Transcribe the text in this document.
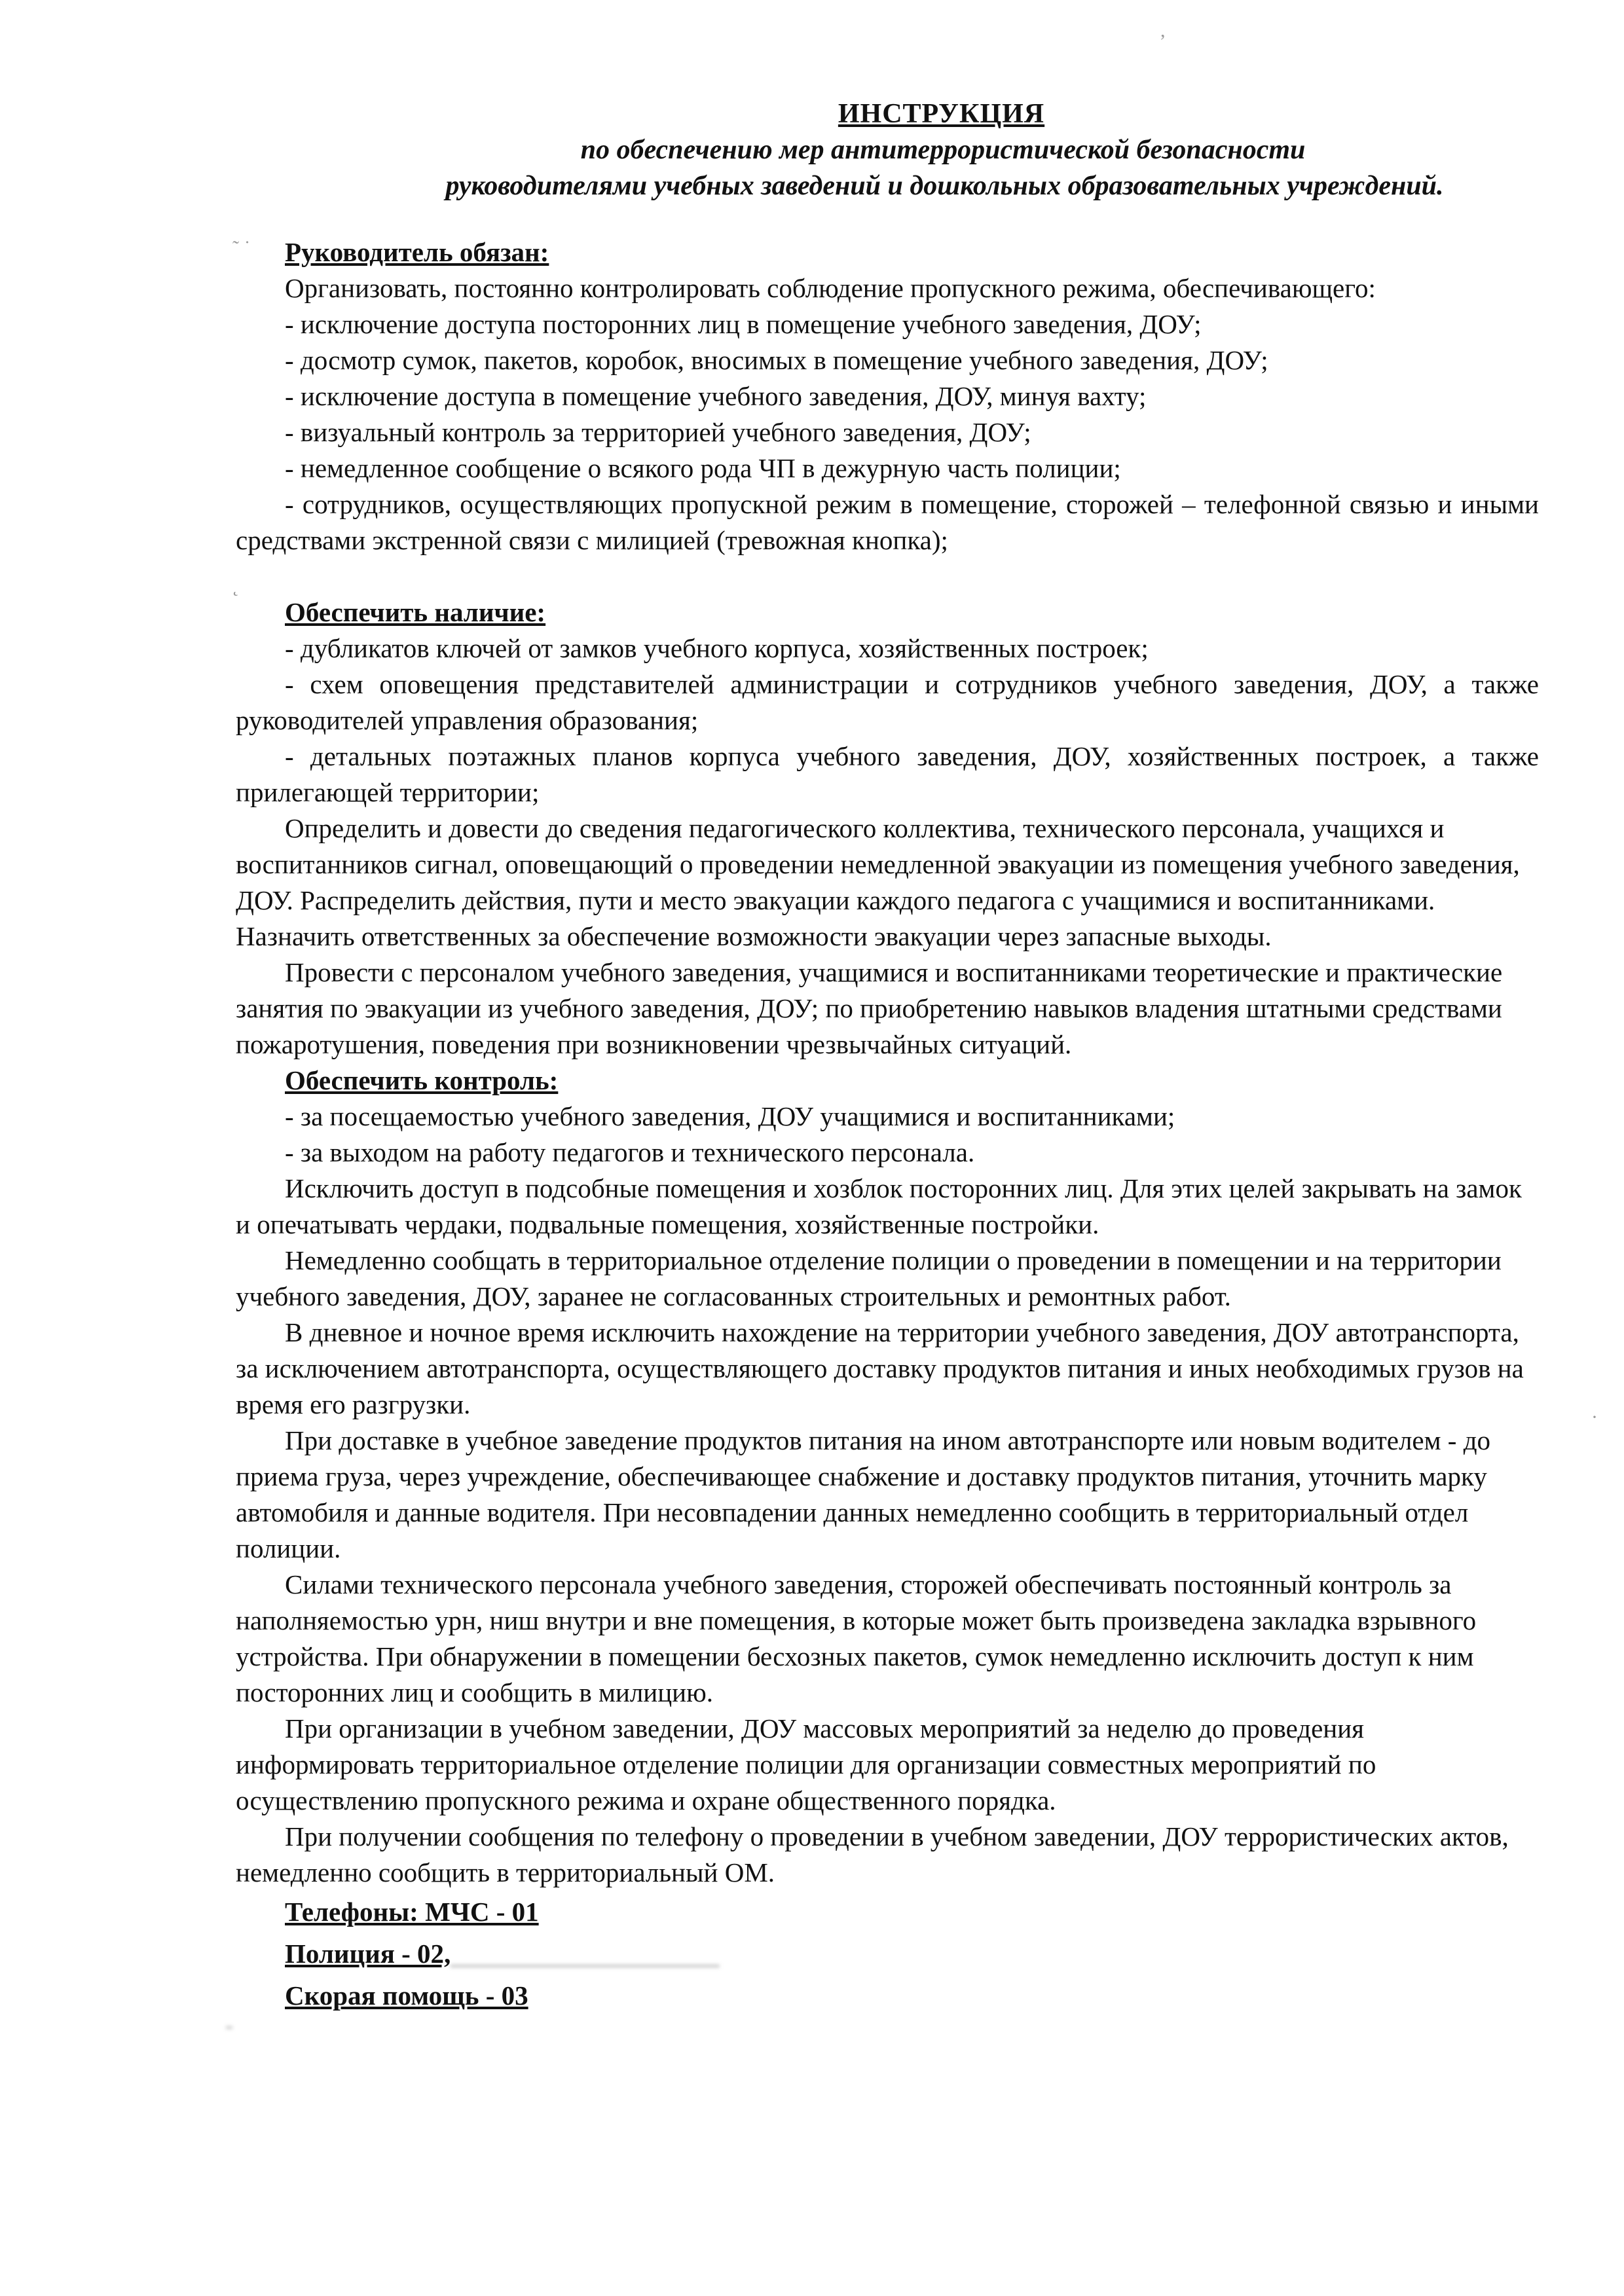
ИНСТРУКЦИЯ
по обеспечению мер антитеррористической безопасности
руководителями учебных заведений и дошкольных образовательных учреждений.

Руководитель обязан:

Организовать, постоянно контролировать соблюдение пропускного режима, обеспечивающего:

- исключение доступа посторонних лиц в помещение учебного заведения, ДОУ;

- досмотр сумок, пакетов, коробок, вносимых в помещение учебного заведения, ДОУ;

- исключение доступа в помещение учебного заведения, ДОУ, минуя вахту;

- визуальный контроль за территорией учебного заведения, ДОУ;

- немедленное сообщение о всякого рода ЧП в дежурную часть полиции;

- сотрудников, осуществляющих пропускной режим в помещение, сторожей – телефонной связью и иными средствами экстренной связи с милицией (тревожная кнопка);

Обеспечить наличие:

- дубликатов ключей от замков учебного корпуса, хозяйственных построек;

- схем оповещения представителей администрации и сотрудников учебного заведения, ДОУ, а также руководителей управления образования;

- детальных поэтажных планов корпуса учебного заведения, ДОУ, хозяйственных построек, а также прилегающей территории;

Определить и довести до сведения педагогического коллектива, технического персонала, учащихся и воспитанников сигнал, оповещающий о проведении немедленной эвакуации из помещения учебного заведения, ДОУ. Распределить действия, пути и место эвакуации каждого педагога с учащимися и воспитанниками. Назначить ответственных за обеспечение возможности эвакуации через запасные выходы.

Провести с персоналом учебного заведения, учащимися и воспитанниками теоретические и практические занятия по эвакуации из учебного заведения, ДОУ; по приобретению навыков владения штатными средствами пожаротушения, поведения при возникновении чрезвычайных ситуаций.

Обеспечить контроль:

- за посещаемостью учебного заведения, ДОУ учащимися и воспитанниками;

- за выходом на работу педагогов и технического персонала.

Исключить доступ в подсобные помещения и хозблок посторонних лиц. Для этих целей закрывать на замок и опечатывать чердаки, подвальные помещения, хозяйственные постройки.

Немедленно сообщать в территориальное отделение полиции о проведении в помещении и на территории учебного заведения, ДОУ, заранее не согласованных строительных и ремонтных работ.

В дневное и ночное время исключить нахождение на территории учебного заведения, ДОУ автотранспорта, за исключением автотранспорта, осуществляющего доставку продуктов питания и иных необходимых грузов на время его разгрузки.

При доставке в учебное заведение продуктов питания на ином автотранспорте или новым водителем - до приема груза, через учреждение, обеспечивающее снабжение и доставку продуктов питания, уточнить марку автомобиля и данные водителя. При несовпадении данных немедленно сообщить в территориальный отдел полиции.

Силами технического персонала учебного заведения, сторожей обеспечивать постоянный контроль за наполняемостью урн, ниш внутри и вне помещения, в которые может быть произведена закладка взрывного устройства. При обнаружении в помещении бесхозных пакетов, сумок немедленно исключить доступ к ним посторонних лиц и сообщить в милицию.

При организации в учебном заведении, ДОУ массовых мероприятий за неделю до проведения информировать территориальное отделение полиции для организации совместных мероприятий по осуществлению пропускного режима и охране общественного порядка.

При получении сообщения по телефону о проведении в учебном заведении, ДОУ террористических актов, немедленно сообщить в территориальный ОМ.

Телефоны: МЧС - 01

Полиция - 02,

Скорая помощь - 03

˜ ˙
˛
·
,
